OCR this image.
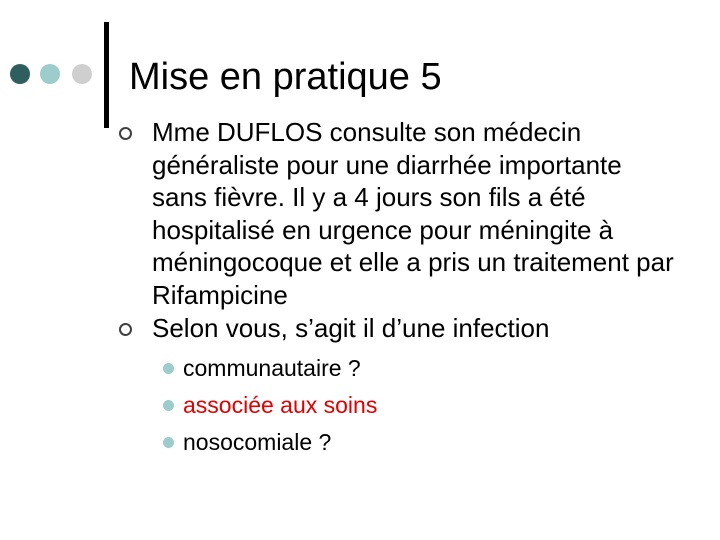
Mise en pratique 5
Mme DUFLOS consulte son médecin généraliste pour une diarrhée importante sans fièvre. Il y a 4 jours son fils a été hospitalisé en urgence pour méningite à méningocoque et elle a pris un traitement par Rifampicine
Selon vous, s’agit il d’une infection
communautaire ?
associée aux soins
nosocomiale ?
